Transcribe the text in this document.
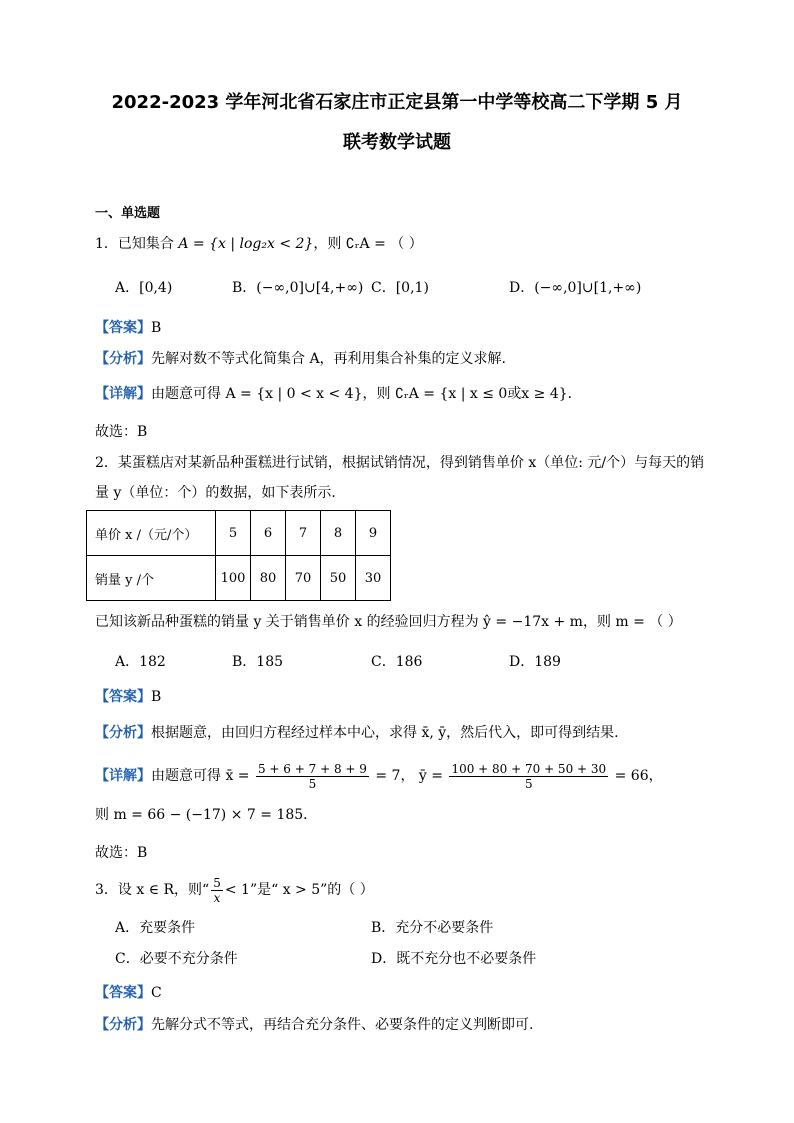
2022-2023 学年河北省石家庄市正定县第一中学等校高二下学期 5 月
联考数学试题
一、单选题
1．已知集合 A = {x | log₂x < 2}，则 ∁ᵣA = （ ）
A．[0,4)	B．(−∞,0]∪[4,+∞) C．[0,1)	D．(−∞,0]∪[1,+∞)
【答案】B
【分析】先解对数不等式化简集合 A，再利用集合补集的定义求解.
【详解】由题意可得 A = {x | 0 < x < 4}，则 ∁ᵣA = {x | x ≤ 0或x ≥ 4}．
故选：B
2．某蛋糕店对某新品种蛋糕进行试销，根据试销情况，得到销售单价 x（单位: 元/个）与每天的销
量 y（单位：个）的数据，如下表所示．
单价 x /（元/个）	5	6	7	8	9
销量 y /个	100	80	70	50	30
已知该新品种蛋糕的销量 y 关于销售单价 x 的经验回归方程为 ŷ = −17x + m，则 m = （ ）
A．182	B．185	C．186	D．189
【答案】B
【分析】根据题意，由回归方程经过样本中心，求得 x̄, ȳ，然后代入，即可得到结果.
【详解】由题意可得 x̄ = $\frac{5 + 6 + 7 + 8 + 9}{5} = 7$， ȳ = $\frac{100 + 80 + 70 + 50 + 30}{5} = 66$，
则 m = 66 − (−17) × 7 = 185．
故选：B
3．设 x ∈ R，则“ $\frac{5}{x} < 1$”是“ x > 5”的（ ）
A．充要条件	B．充分不必要条件
C．必要不充分条件	D．既不充分也不必要条件
【答案】C
【分析】先解分式不等式，再结合充分条件、必要条件的定义判断即可.
